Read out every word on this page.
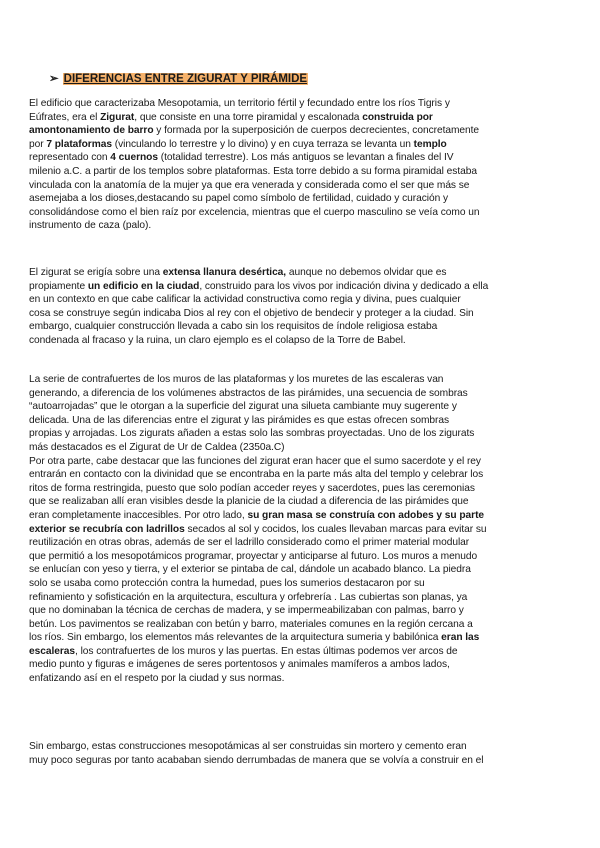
➢ DIFERENCIAS ENTRE ZIGURAT Y PIRÁMIDE
El edificio que caracterizaba Mesopotamia, un territorio fértil y fecundado entre los ríos Tigris y
Eúfrates, era el Zigurat, que consiste en una torre piramidal y escalonada construida por
amontonamiento de barro y formada por la superposición de cuerpos decrecientes, concretamente
por 7 plataformas (vinculando lo terrestre y lo divino) y en cuya terraza se levanta un templo
representado con 4 cuernos (totalidad terrestre). Los más antiguos se levantan a finales del IV
milenio a.C. a partir de los templos sobre plataformas. Esta torre debido a su forma piramidal estaba
vinculada con la anatomía de la mujer ya que era venerada y considerada como el ser que más se
asemejaba a los dioses,destacando su papel como símbolo de fertilidad, cuidado y curación y
consolidándose como el bien raíz por excelencia, mientras que el cuerpo masculino se veía como un
instrumento de caza (palo).
El zigurat se erigía sobre una extensa llanura desértica, aunque no debemos olvidar que es
propiamente un edificio en la ciudad, construido para los vivos por indicación divina y dedicado a ella
en un contexto en que cabe calificar la actividad constructiva como regia y divina, pues cualquier
cosa se construye según indicaba Dios al rey con el objetivo de bendecir y proteger a la ciudad. Sin
embargo, cualquier construcción llevada a cabo sin los requisitos de índole religiosa estaba
condenada al fracaso y la ruina, un claro ejemplo es el colapso de la Torre de Babel.
La serie de contrafuertes de los muros de las plataformas y los muretes de las escaleras van
generando, a diferencia de los volúmenes abstractos de las pirámides, una secuencia de sombras
“autoarrojadas” que le otorgan a la superficie del zigurat una silueta cambiante muy sugerente y
delicada. Una de las diferencias entre el zigurat y las pirámides es que estas ofrecen sombras
propias y arrojadas. Los zigurats añaden a estas solo las sombras proyectadas. Uno de los zigurats
más destacados es el Zigurat de Ur de Caldea (2350a.C)
Por otra parte, cabe destacar que las funciones del zigurat eran hacer que el sumo sacerdote y el rey
entrarán en contacto con la divinidad que se encontraba en la parte más alta del templo y celebrar los
ritos de forma restringida, puesto que solo podían acceder reyes y sacerdotes, pues las ceremonias
que se realizaban allí eran visibles desde la planicie de la ciudad a diferencia de las pirámides que
eran completamente inaccesibles. Por otro lado, su gran masa se construía con adobes y su parte
exterior se recubría con ladrillos secados al sol y cocidos, los cuales llevaban marcas para evitar su
reutilización en otras obras, además de ser el ladrillo considerado como el primer material modular
que permitió a los mesopotámicos programar, proyectar y anticiparse al futuro. Los muros a menudo
se enlucían con yeso y tierra, y el exterior se pintaba de cal, dándole un acabado blanco. La piedra
solo se usaba como protección contra la humedad, pues los sumerios destacaron por su
refinamiento y sofisticación en la arquitectura, escultura y orfebrería . Las cubiertas son planas, ya
que no dominaban la técnica de cerchas de madera, y se impermeabilizaban con palmas, barro y
betún. Los pavimentos se realizaban con betún y barro, materiales comunes en la región cercana a
los ríos. Sin embargo, los elementos más relevantes de la arquitectura sumeria y babilónica eran las
escaleras, los contrafuertes de los muros y las puertas. En estas últimas podemos ver arcos de
medio punto y figuras e imágenes de seres portentosos y animales mamíferos a ambos lados,
enfatizando así en el respeto por la ciudad y sus normas.
Sin embargo, estas construcciones mesopotámicas al ser construidas sin mortero y cemento eran
muy poco seguras por tanto acababan siendo derrumbadas de manera que se volvía a construir en el
